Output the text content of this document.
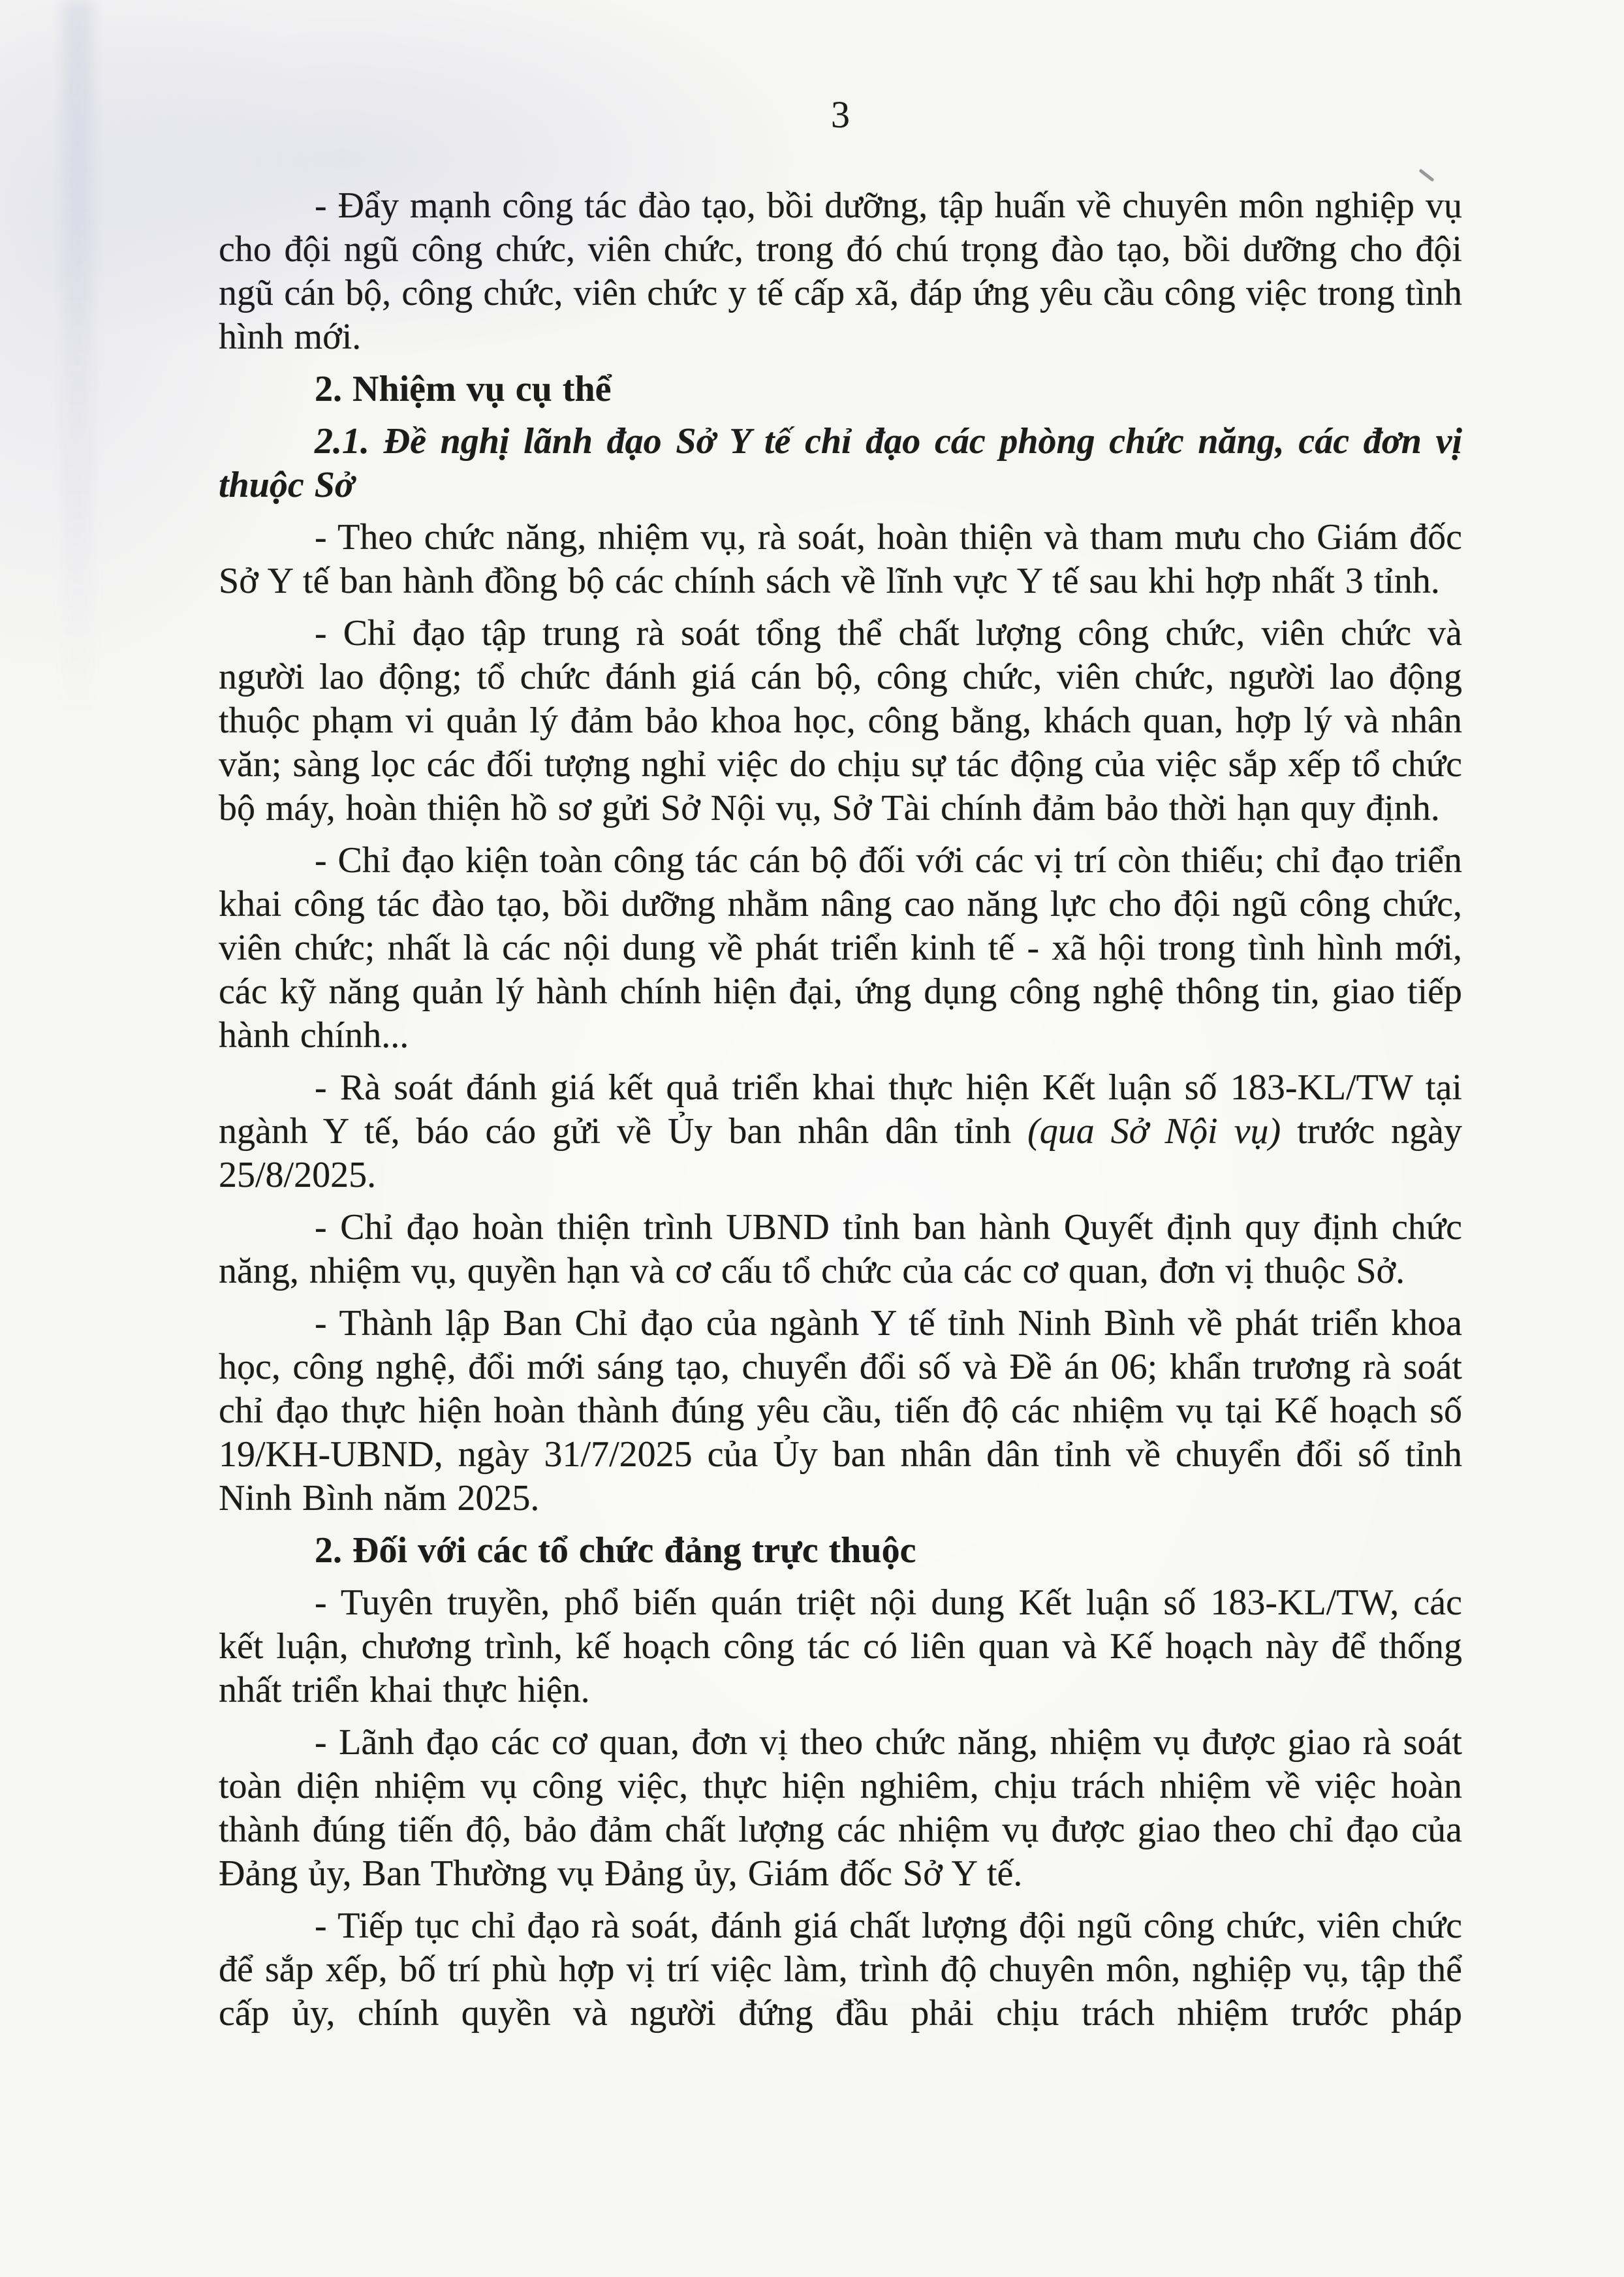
3

- Đẩy mạnh công tác đào tạo, bồi dưỡng, tập huấn về chuyên môn nghiệp vụ cho đội ngũ công chức, viên chức, trong đó chú trọng đào tạo, bồi dưỡng cho đội ngũ cán bộ, công chức, viên chức y tế cấp xã, đáp ứng yêu cầu công việc trong tình hình mới.

2. Nhiệm vụ cụ thể

2.1. Đề nghị lãnh đạo Sở Y tế chỉ đạo các phòng chức năng, các đơn vị thuộc Sở

- Theo chức năng, nhiệm vụ, rà soát, hoàn thiện và tham mưu cho Giám đốc Sở Y tế ban hành đồng bộ các chính sách về lĩnh vực Y tế sau khi hợp nhất 3 tỉnh.

- Chỉ đạo tập trung rà soát tổng thể chất lượng công chức, viên chức và người lao động; tổ chức đánh giá cán bộ, công chức, viên chức, người lao động thuộc phạm vi quản lý đảm bảo khoa học, công bằng, khách quan, hợp lý và nhân văn; sàng lọc các đối tượng nghỉ việc do chịu sự tác động của việc sắp xếp tổ chức bộ máy, hoàn thiện hồ sơ gửi Sở Nội vụ, Sở Tài chính đảm bảo thời hạn quy định.

- Chỉ đạo kiện toàn công tác cán bộ đối với các vị trí còn thiếu; chỉ đạo triển khai công tác đào tạo, bồi dưỡng nhằm nâng cao năng lực cho đội ngũ công chức, viên chức; nhất là các nội dung về phát triển kinh tế - xã hội trong tình hình mới, các kỹ năng quản lý hành chính hiện đại, ứng dụng công nghệ thông tin, giao tiếp hành chính...

- Rà soát đánh giá kết quả triển khai thực hiện Kết luận số 183-KL/TW tại ngành Y tế, báo cáo gửi về Ủy ban nhân dân tỉnh (qua Sở Nội vụ) trước ngày 25/8/2025.

- Chỉ đạo hoàn thiện trình UBND tỉnh ban hành Quyết định quy định chức năng, nhiệm vụ, quyền hạn và cơ cấu tổ chức của các cơ quan, đơn vị thuộc Sở.

- Thành lập Ban Chỉ đạo của ngành Y tế tỉnh Ninh Bình về phát triển khoa học, công nghệ, đổi mới sáng tạo, chuyển đổi số và Đề án 06; khẩn trương rà soát chỉ đạo thực hiện hoàn thành đúng yêu cầu, tiến độ các nhiệm vụ tại Kế hoạch số 19/KH-UBND, ngày 31/7/2025 của Ủy ban nhân dân tỉnh về chuyển đổi số tỉnh Ninh Bình năm 2025.

2. Đối với các tổ chức đảng trực thuộc

- Tuyên truyền, phổ biến quán triệt nội dung Kết luận số 183-KL/TW, các kết luận, chương trình, kế hoạch công tác có liên quan và Kế hoạch này để thống nhất triển khai thực hiện.

- Lãnh đạo các cơ quan, đơn vị theo chức năng, nhiệm vụ được giao rà soát toàn diện nhiệm vụ công việc, thực hiện nghiêm, chịu trách nhiệm về việc hoàn thành đúng tiến độ, bảo đảm chất lượng các nhiệm vụ được giao theo chỉ đạo của Đảng ủy, Ban Thường vụ Đảng ủy, Giám đốc Sở Y tế.

- Tiếp tục chỉ đạo rà soát, đánh giá chất lượng đội ngũ công chức, viên chức để sắp xếp, bố trí phù hợp vị trí việc làm, trình độ chuyên môn, nghiệp vụ, tập thể cấp ủy, chính quyền và người đứng đầu phải chịu trách nhiệm trước pháp
